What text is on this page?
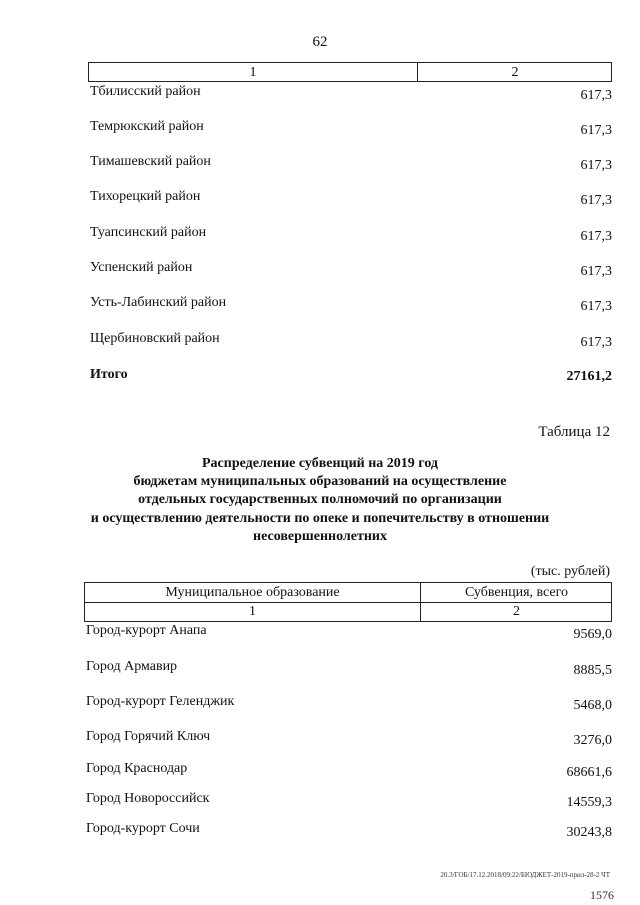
62
1	2
Тбилисский район	617,3
Темрюкский район	617,3
Тимашевский район	617,3
Тихорецкий район	617,3
Туапсинский район	617,3
Успенский район	617,3
Усть-Лабинский район	617,3
Щербиновский район	617,3
Итого	27161,2
Таблица 12
Распределение субвенций на 2019 год
бюджетам муниципальных образований на осуществление
отдельных государственных полномочий по организации
и осуществлению деятельности по опеке и попечительству в отношении
несовершеннолетних
(тыс. рублей)
Муниципальное образование	Субвенция, всего
1	2
Город-курорт Анапа	9569,0
Город Армавир	8885,5
Город-курорт Геленджик	5468,0
Город Горячий Ключ	3276,0
Город Краснодар	68661,6
Город Новороссийск	14559,3
Город-курорт Сочи	30243,8
20.3/ГОБ/17.12.2018/09:22/БЮДЖЕТ-2019-прил-28-2 ЧТ
1576
